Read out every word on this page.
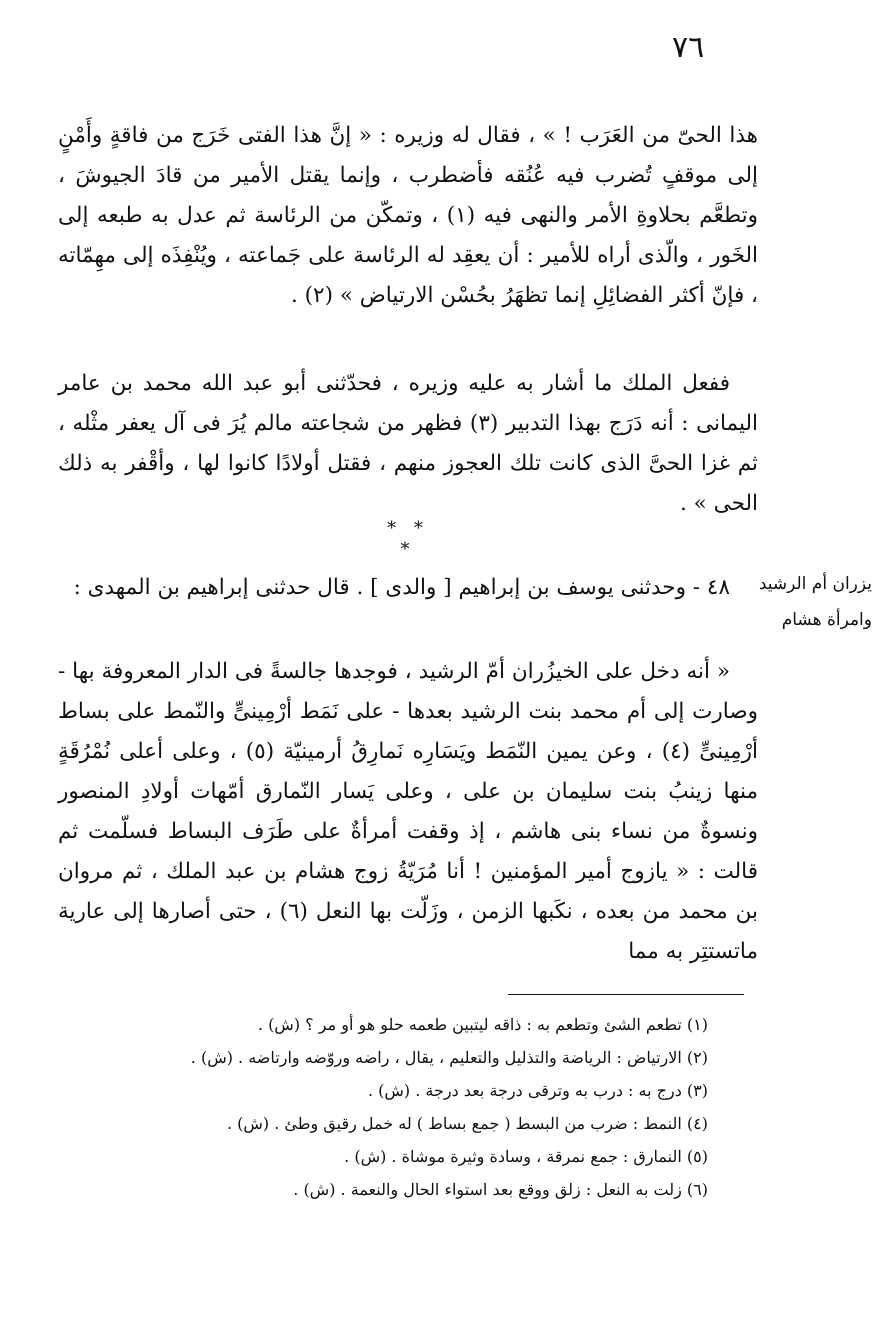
٧٦

هذا الحىّ من العَرَب ! » ، فقال له وزيره : « إنَّ هذا الفتى خَرَج من فاقةٍ وأَمْنٍ إلى موقفٍ تُضرب فيه عُنُقه فأضطرب ، وإنما يقتل الأمير من قادَ الجيوشَ ، وتطعَّم بحلاوةِ الأمر والنهى فيه (١) ، وتمكّن من الرئاسة ثم عدل به طبعه إلى الخَور ، والّذى أراه للأمير : أن يعقِد له الرئاسة على جَماعته ، ويُنْفِذَه إلى مهِمّاته ، فإنّ أكثر الفضائِلِ إنما تظهَرُ بحُسْن الارتياض » (٢) .

ففعل الملك ما أشار به عليه وزيره ، فحدّثنى أبو عبد الله محمد بن عامر اليمانى : أنه دَرَج بهذا التدبير (٣) فظهر من شجاعته مالم يُرَ فى آل يعفر مثْله ، ثم غزا الحىَّ الذى كانت تلك العجوز منهم ، فقتل أولادًا كانوا لها ، وأقْفر به ذلك الحى » .

* * *
يزران أم الرشيد
وامرأة هشام

٤٨ - وحدثنى يوسف بن إبراهيم [ والدى ] . قال حدثنى إبراهيم بن المهدى :

« أنه دخل على الخيزُران أمّ الرشيد ، فوجدها جالسةً فى الدار المعروفة بها - وصارت إلى أم محمد بنت الرشيد بعدها - على نَمَط أرْمِينىٍّ والنّمط على بساط أرْمِينىٍّ (٤) ، وعن يمين النّمَط ويَسَارِه نَمارِقُ أرمينيّة (٥) ، وعلى أعلى نُمْرُقَةٍ منها زينبُ بنت سليمان بن على ، وعلى يَسار النّمارق أمّهات أولادِ المنصور ونسوةٌ من نساء بنى هاشم ، إذ وقفت أمرأةٌ على طَرَف البساط فسلّمت ثم قالت : « يازوج أمير المؤمنين ! أنا مُرَيّةُ زوج هشام بن عبد الملك ، ثم مروان بن محمد من بعده ، نكَبها الزمن ، وزَلّت بها النعل (٦) ، حتى أصارها إلى عارية ماتستتِر به مما

(١) تطعم الشئ وتطعم به : ذاقه ليتبين طعمه حلو هو أو مر ؟ (ش) .
(٢) الارتياض : الرياضة والتذليل والتعليم ، يقال ، راضه وروّضه وارتاضه . (ش) .
(٣) درج به : درب به وترقى درجة بعد درجة . (ش) .
(٤) النمط : ضرب من البسط ( جمع بساط ) له خمل رقيق وطئ . (ش) .
(٥) النمارق : جمع نمرقة ، وسادة وثيرة موشاة . (ش) .
(٦) زلت به النعل : زلق ووقع بعد استواء الحال والنعمة . (ش) .
